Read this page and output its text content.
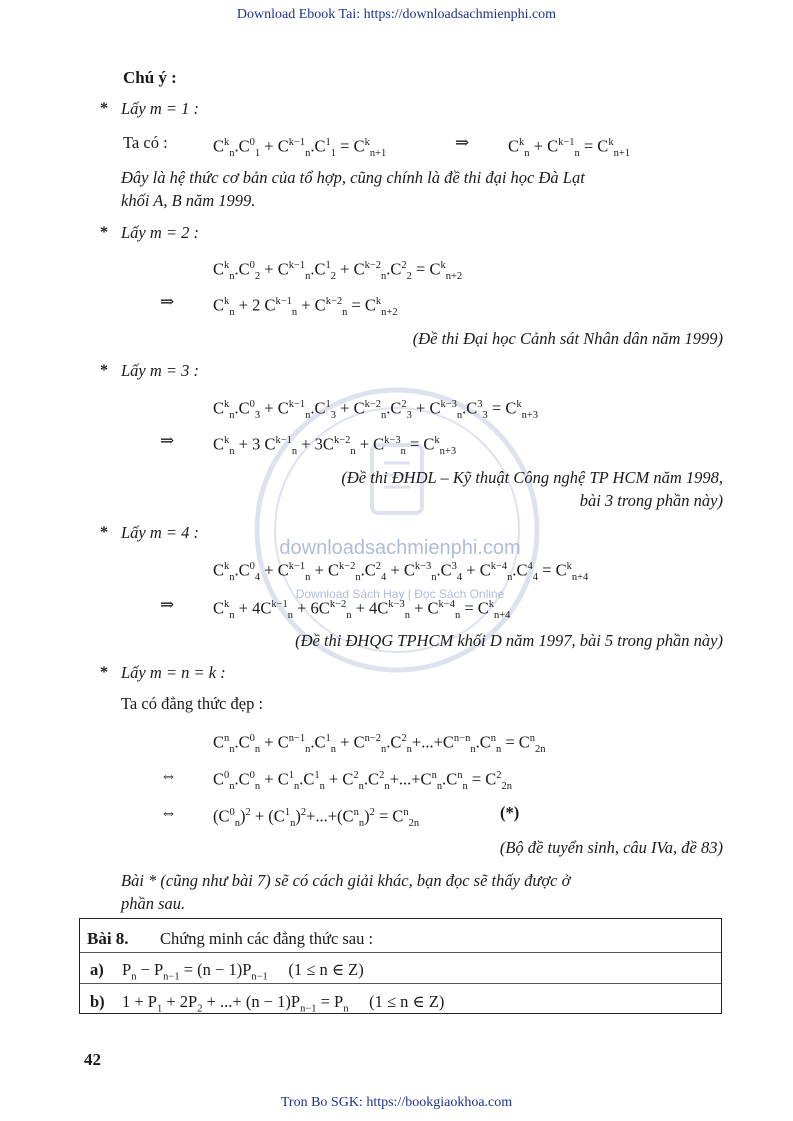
Download Ebook Tai: https://downloadsachmienphi.com
downloadsachmienphi.com
Download Sách Hay | Đọc Sách Online
Chú ý :
* Lấy m = 1 :
Ta có :	$C^k_n.C^0_1 + C^{k-1}_n.C^1_1 = C^k_{n+1}$
⇒ $C^k_n + C^{k-1}_n = C^k_{n+1}$
Đây là hệ thức cơ bản của tổ hợp, cũng chính là đề thi đại học Đà Lạt
khối A, B năm 1999.
* Lấy m = 2 :
$C^k_n.C^0_2 + C^{k-1}_n.C^1_2 + C^{k-2}_n.C^2_2 = C^k_{n+2}$
⇒ $C^k_n + 2$ $C^{k-1}_n + C^{k-2}_n = C^k_{n+2}$
(Đề thi Đại học Cảnh sát Nhân dân năm 1999)
* Lấy m = 3 :
$C^k_n.C^0_3 + C^{k-1}_n.C^1_3 + C^{k-2}_n.C^2_3 + C^{k-3}_n.C^3_3 = C^k_{n+3}$
⇒ $C^k_n + 3$ $C^{k-1}_n + 3C^{k-2}_n + C^{k-3}_n = C^k_{n+3}$
(Đề thi ĐHDL – Kỹ thuật Công nghệ TP HCM năm 1998,
bài 3 trong phần này)
* Lấy m = 4 :
$C^k_n.C^0_4 + C^{k-1}_n + C^{k-2}_n.C^2_4 + C^{k-3}_n.C^3_4 + C^{k-4}_n.C^4_4 = C^k_{n+4}$
⇒ $C^k_n + 4C^{k-1}_n + 6C^{k-2}_n + 4C^{k-3}_n + C^{k-4}_n = C^k_{n+4}$
(Đề thi ĐHQG TPHCM khối D năm 1997, bài 5 trong phần này)
* Lấy m = n = k :
Ta có đẳng thức đẹp :
$C^n_n.C^0_n + C^{n-1}_n.C^1_n + C^{n-2}_n.C^2_n+...+C^{n-n}_n.C^n_n = C^n_{2n}$
⇔ $C^0_n.C^0_n + C^1_n.C^1_n + C^2_n.C^2_n+...+C^n_n.C^n_n = C^2_{2n}$
⇔ $(C^0_n)^2 + (C^1_n)^2+...+(C^n_n)^2 = C^n_{2n}$
(*)
(Bộ đề tuyển sinh, câu IVa, đề 83)
Bài * (cũng như bài 7) sẽ có cách giải khác, bạn đọc sẽ thấy được ở
phần sau.
Bài 8. Chứng minh các đẳng thức sau :
a) $P_n - P_{n-1} = (n - 1)P_{n-1}$     (1 ≤ n ∈ Z)
b) $1 + P_1 + 2P_2$ + ...+ $(n - 1)P_{n-1} = P_n$     (1 ≤ n ∈ Z)
42
Tron Bo SGK: https://bookgiaokhoa.com
